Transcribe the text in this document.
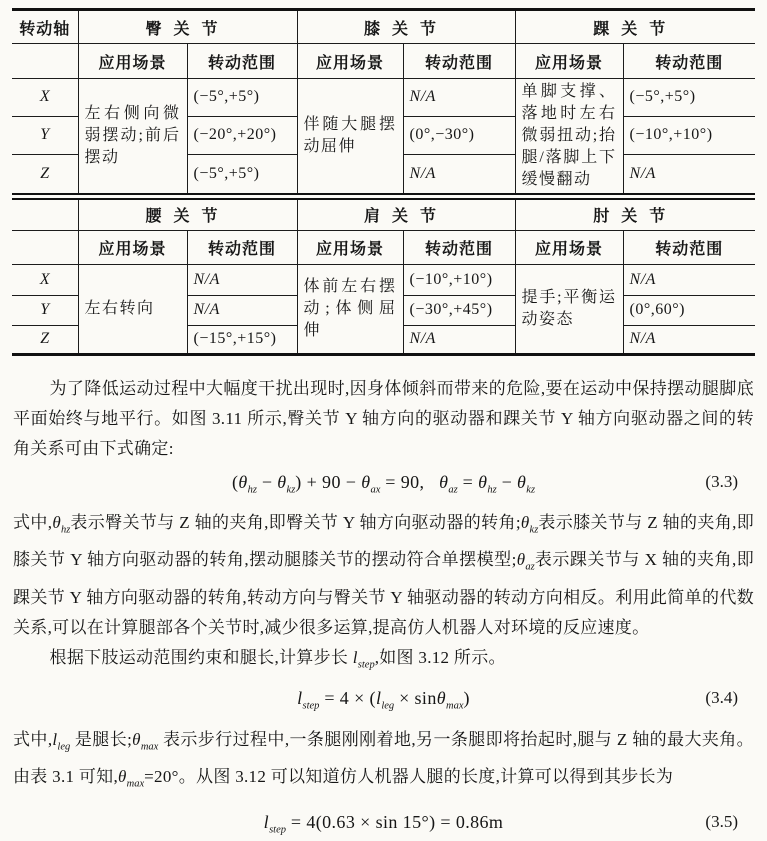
转动轴	臀关节		膝关节		踝关节	
	应用场景	转动范围	应用场景	转动范围	应用场景	转动范围
X	左右侧向微弱摆动;前后摆动	(−5°,+5°)	伴随大腿摆动屈伸	N/A	单脚支撑、落地时左右微弱扭动;抬腿/落脚上下缓慢翻动	(−5°,+5°)
Y		(−20°,+20°)		(0°,−30°)		(−10°,+10°)
Z		(−5°,+5°)		N/A		N/A
	腰关节		肩关节		肘关节	
	应用场景	转动范围	应用场景	转动范围	应用场景	转动范围
X	左右转向	N/A	体前左右摆动;体侧屈伸	(−10°,+10°)	提手;平衡运动姿态	N/A
Y		N/A		(−30°,+45°)		(0°,60°)
Z		(−15°,+15°)		N/A		N/A

为了降低运动过程中大幅度干扰出现时,因身体倾斜而带来的危险,要在运动中保持摆动腿脚底平面始终与地平行。如图 3.11 所示,臀关节 Y 轴方向的驱动器和踝关节 Y 轴方向驱动器之间的转角关系可由下式确定:

$(\theta_{hz} - \theta_{kz}) + 90 - \theta_{ax} = 90$,   $\theta_{az} = \theta_{hz} - \theta_{kz}$	(3.3)

式中$,\theta_{hz}$表示臀关节与 Z 轴的夹角,即臀关节 Y 轴方向驱动器的转角$;\theta_{kz}$表示膝关节与 Z 轴的夹角,即膝关节 Y 轴方向驱动器的转角,摆动腿膝关节的摆动符合单摆模型$;\theta_{az}$表示踝关节与 X 轴的夹角,即踝关节 Y 轴方向驱动器的转角,转动方向与臀关节 Y 轴驱动器的转动方向相反。利用此简单的代数关系,可以在计算腿部各个关节时,减少很多运算,提高仿人机器人对环境的反应速度。

根据下肢运动范围约束和腿长,计算步长 $l_{step}$,如图 3.12 所示。

$l_{step} = 4 \times (l_{leg} \times \sin\theta_{max})$	(3.4)

式中$,l_{leg}$ 是腿长$;\theta_{max}$ 表示步行过程中,一条腿刚刚着地,另一条腿即将抬起时,腿与 Z 轴的最大夹角。由表 3.1 可知$,\theta_{max}=20^\circ$。从图 3.12 可以知道仿人机器人腿的长度,计算可以得到其步长为

$l_{step} = 4(0.63 \times \sin 15^\circ) = 0.86m$	(3.5)
